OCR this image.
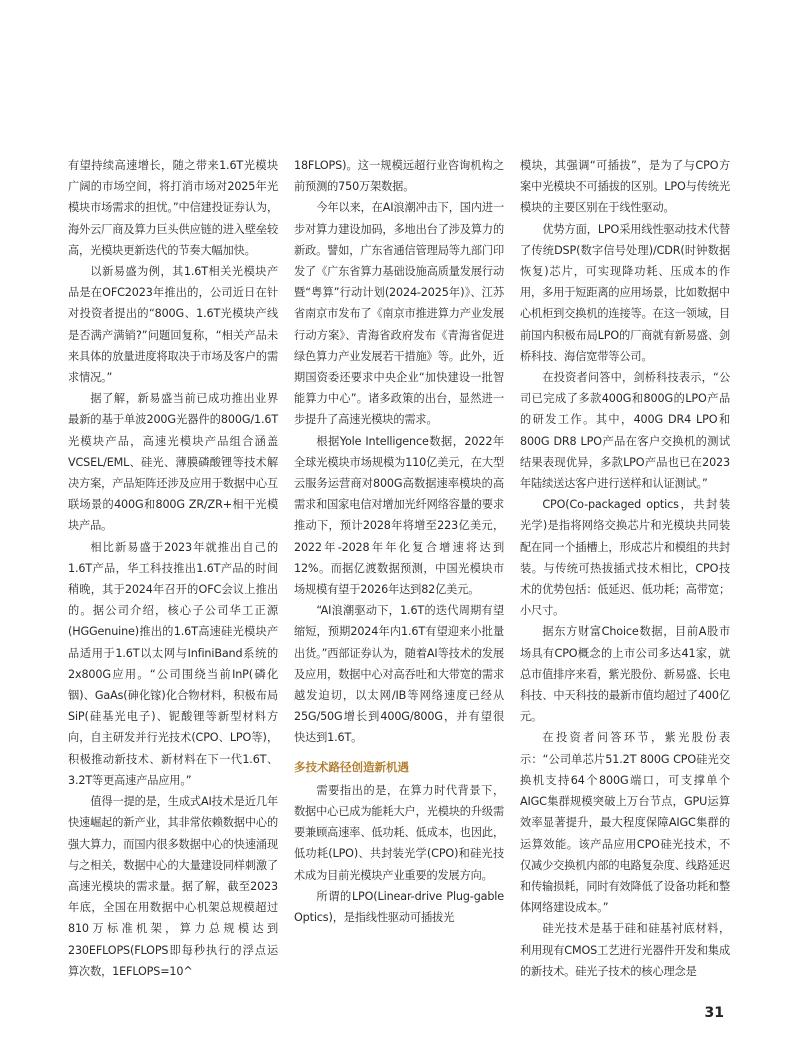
有望持续高速增长，随之带来1.6T光模块广阔的市场空间，将打消市场对2025年光模块市场需求的担忧。”中信建投证券认为，海外云厂商及算力巨头供应链的进入壁垒较高，光模块更新迭代的节奏大幅加快。

以新易盛为例，其1.6T相关光模块产品是在OFC2023年推出的，公司近日在针对投资者提出的“800G、1.6T光模块产线是否满产满销?”问题回复称，“相关产品未来具体的放量进度将取决于市场及客户的需求情况。”

据了解，新易盛当前已成功推出业界最新的基于单波200G光器件的800G/1.6T光模块产品，高速光模块产品组合涵盖VCSEL/EML、硅光、薄膜磷酸锂等技术解决方案，产品矩阵还涉及应用于数据中心互联场景的400G和800G ZR/ZR+相干光模块产品。

相比新易盛于2023年就推出自己的1.6T产品，华工科技推出1.6T产品的时间稍晚，其于2024年召开的OFC会议上推出的。据公司介绍，核心子公司华工正源(HGGenuine)推出的1.6T高速硅光模块产品适用于1.6T以太网与InfiniBand系统的2x800G应用。“公司围绕当前InP(磷化铟)、GaAs(砷化镓)化合物材料，积极布局SiP(硅基光电子)、铌酸锂等新型材料方向，自主研发并行光技术(CPO、LPO等)，积极推动新技术、新材料在下一代1.6T、3.2T等更高速产品应用。”

值得一提的是，生成式AI技术是近几年快速崛起的新产业，其非常依赖数据中心的强大算力，而国内很多数据中心的快速涌现与之相关，数据中心的大量建设同样刺激了高速光模块的需求量。据了解，截至2023年底，全国在用数据中心机架总规模超过810万标准机架，算力总规模达到230EFLOPS(FLOPS即每秒执行的浮点运算次数，1EFLOPS=10^

18FLOPS)。这一规模远超行业咨询机构之前预测的750万架数据。

今年以来，在AI浪潮冲击下，国内进一步对算力建设加码，多地出台了涉及算力的新政。譬如，广东省通信管理局等九部门印发了《广东省算力基础设施高质量发展行动暨“粤算”行动计划(2024-2025年)》、江苏省南京市发布了《南京市推进算力产业发展行动方案》、青海省政府发布《青海省促进绿色算力产业发展若干措施》等。此外，近期国资委还要求中央企业“加快建设一批智能算力中心”。诸多政策的出台，显然进一步提升了高速光模块的需求。

根据Yole Intelligence数据，2022年全球光模块市场规模为110亿美元，在大型云服务运营商对800G高数据速率模块的高需求和国家电信对增加光纤网络容量的要求推动下，预计2028年将增至223亿美元，2022年-2028年年化复合增速将达到12%。而据亿渡数据预测，中国光模块市场规模有望于2026年达到82亿美元。

“AI浪潮驱动下，1.6T的迭代周期有望缩短，预期2024年内1.6T有望迎来小批量出货。”西部证券认为，随着AI等技术的发展及应用，数据中心对高吞吐和大带宽的需求越发迫切，以太网/IB等网络速度已经从25G/50G增长到400G/800G，并有望很快达到1.6T。

多技术路径创造新机遇

需要指出的是，在算力时代背景下，数据中心已成为能耗大户，光模块的升级需要兼顾高速率、低功耗、低成本，也因此，低功耗(LPO)、共封装光学(CPO)和硅光技术成为目前光模块产业重要的发展方向。

所谓的LPO(Linear-drive Plug-gable Optics)，是指线性驱动可插拔光

模块，其强调“可插拔”，是为了与CPO方案中光模块不可插拔的区别。LPO与传统光模块的主要区别在于线性驱动。

优势方面，LPO采用线性驱动技术代替了传统DSP(数字信号处理)/CDR(时钟数据恢复)芯片，可实现降功耗、压成本的作用，多用于短距离的应用场景，比如数据中心机柜到交换机的连接等。在这一领域，目前国内积极布局LPO的厂商就有新易盛、剑桥科技、海信宽带等公司。

在投资者问答中，剑桥科技表示，“公司已完成了多款400G和800G的LPO产品的研发工作。其中，400G DR4 LPO和800G DR8 LPO产品在客户交换机的测试结果表现优异，多款LPO产品也已在2023年陆续送达客户进行送样和认证测试。”

CPO(Co-packaged optics，共封装光学)是指将网络交换芯片和光模块共同装配在同一个插槽上，形成芯片和模组的共封装。与传统可热拔插式技术相比，CPO技术的优势包括：低延迟、低功耗；高带宽；小尺寸。

据东方财富Choice数据，目前A股市场具有CPO概念的上市公司多达41家，就总市值排序来看，紫光股份、新易盛、长电科技、中天科技的最新市值均超过了400亿元。

在投资者问答环节，紫光股份表示：“公司单芯片51.2T 800G CPO硅光交换机支持64个800G端口，可支撑单个AIGC集群规模突破上万台节点，GPU运算效率显著提升，最大程度保障AIGC集群的运算效能。该产品应用CPO硅光技术，不仅减少交换机内部的电路复杂度、线路延迟和传输损耗，同时有效降低了设备功耗和整体网络建设成本。”

硅光技术是基于硅和硅基衬底材料，利用现有CMOS工艺进行光器件开发和集成的新技术。硅光子技术的核心理念是

31
